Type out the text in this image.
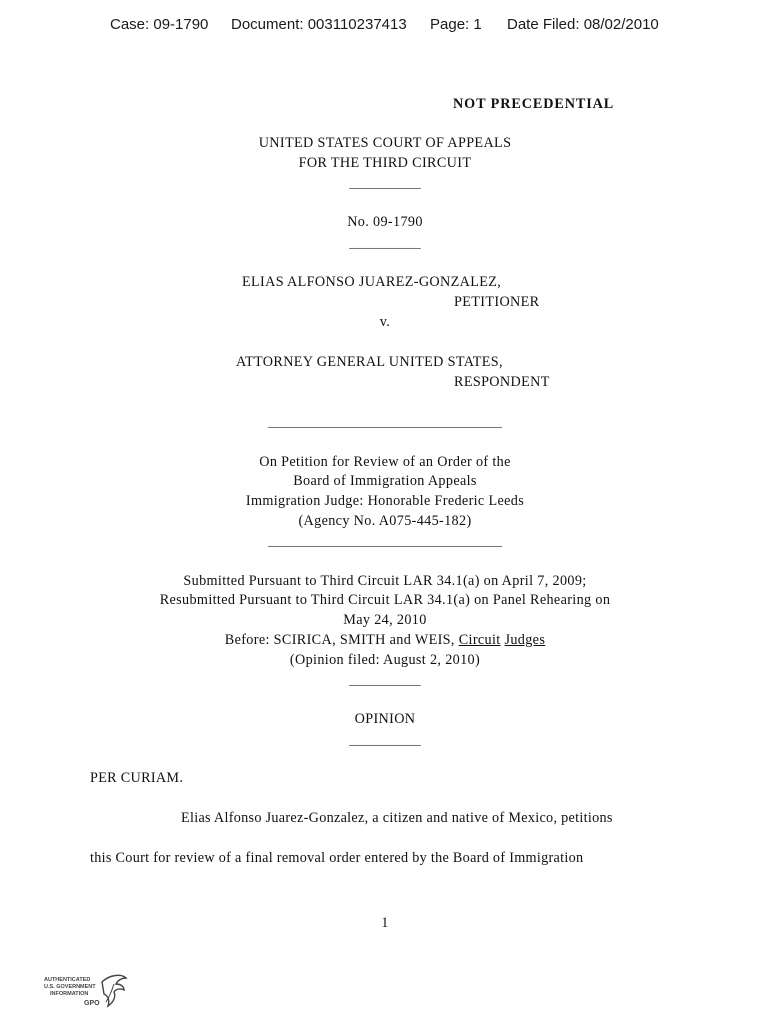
Case: 09-1790 Document: 003110237413 Page: 1 Date Filed: 08/02/2010
NOT PRECEDENTIAL
UNITED STATES COURT OF APPEALS
FOR THE THIRD CIRCUIT
___________
No. 09-1790
___________
ELIAS ALFONSO JUAREZ-GONZALEZ,
PETITIONER
v.
ATTORNEY GENERAL UNITED STATES,
RESPONDENT
____________________________________
On Petition for Review of an Order of the
Board of Immigration Appeals
Immigration Judge: Honorable Frederic Leeds
(Agency No. A075-445-182)
____________________________________
Submitted Pursuant to Third Circuit LAR 34.1(a) on April 7, 2009;
Resubmitted Pursuant to Third Circuit LAR 34.1(a) on Panel Rehearing on
May 24, 2010
Before: SCIRICA, SMITH and WEIS, Circuit Judges
(Opinion filed: August 2, 2010)
___________
OPINION
___________
PER CURIAM.
Elias Alfonso Juarez-Gonzalez, a citizen and native of Mexico, petitions
this Court for review of a final removal order entered by the Board of Immigration
1
AUTHENTICATED
U.S. GOVERNMENT
INFORMATION
GPO
